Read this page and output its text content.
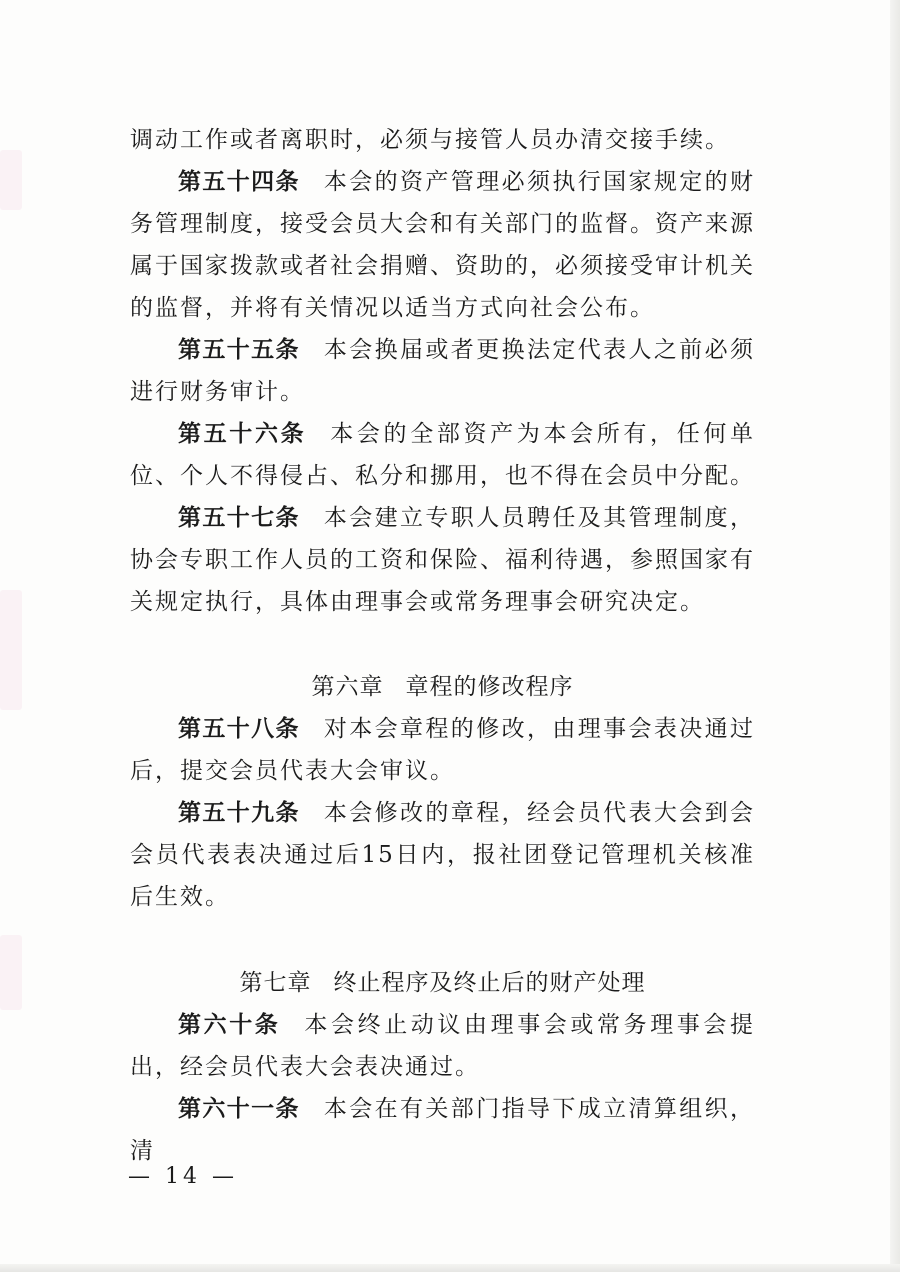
调动工作或者离职时，必须与接管人员办清交接手续。

第五十四条 本会的资产管理必须执行国家规定的财务管理制度，接受会员大会和有关部门的监督。资产来源属于国家拨款或者社会捐赠、资助的，必须接受审计机关的监督，并将有关情况以适当方式向社会公布。

第五十五条 本会换届或者更换法定代表人之前必须进行财务审计。

第五十六条 本会的全部资产为本会所有，任何单位、个人不得侵占、私分和挪用，也不得在会员中分配。

第五十七条 本会建立专职人员聘任及其管理制度，协会专职工作人员的工资和保险、福利待遇，参照国家有关规定执行，具体由理事会或常务理事会研究决定。

第六章 章程的修改程序

第五十八条 对本会章程的修改，由理事会表决通过后，提交会员代表大会审议。

第五十九条 本会修改的章程，经会员代表大会到会会员代表表决通过后15日内，报社团登记管理机关核准后生效。

第七章 终止程序及终止后的财产处理

第六十条 本会终止动议由理事会或常务理事会提出，经会员代表大会表决通过。

第六十一条 本会在有关部门指导下成立清算组织，清

— 14 —
